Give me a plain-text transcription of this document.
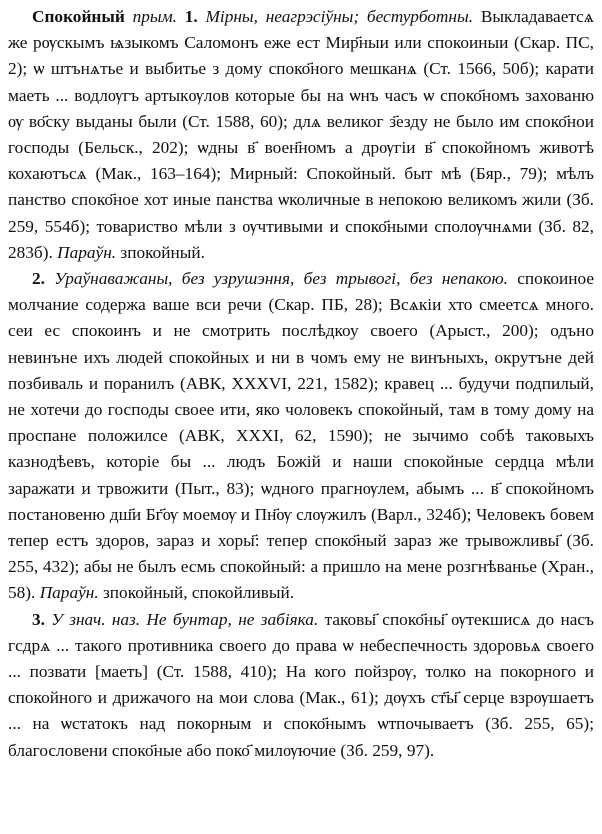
Спокойный прым. 1. Мірны, неагрэсіўны; бестурботны. Выкладаваетсѧ же рѹскымъ ѩзыкомъ Саломонъ еже ест Мир҃ныи или спокоиныи (Скар. ПС, 2); ѡ штънѧтье и выбитье з дому споко҃ного мешканѧ (Ст. 1566, 50б); карати маеть ... водлѹгъ артыкѹлов которые бы на ѡнъ часъ ѡ споко҃номъ захованю ѹ во҃ску выданы были (Ст. 1588, 60); длѧ великог з҃езду не было им споко҃нои господы (Бельск., 202); ѡдны в҃ воен҃номъ а дрѹгіи в҃ спокойномъ животѣ кохаютъсѧ (Мак., 163–164); Мирный: Спокойный. быт мѣ (Бяр., 79); мѣлъ панство споко҃ное хот иные панства ѡколичные в непокою великомъ жили (Зб. 259, 554б); товариство мѣли з ѹчтивыми и споко҃ными сполѹчнѧми (Зб. 82, 283б). Параўн. зпокойный.

2. Ураўнаважаны, без узрушэння, без трывогі, без непакою. спокоиное молчание содержа ваше вси речи (Скар. ПБ, 28); Всѧкіи хто смеетсѧ много. сеи ес спокоинъ и не смотрить послѣдкоу своего (Арыст., 200); одъно невинънe ихъ людей спокойных и ни в чомъ ему не винъныхъ, окрутъне дей позбиваль и поранилъ (АВК, XXXVI, 221, 1582); кравец ... будучи подпилый, не хотечи до господы своее ити, яко чоловекъ спокойный, там в тому дому на проспане положилсе (АВК, XXXI, 62, 1590); не зычимо собѣ таковыхъ казнодѣевъ, которіе бы ... людъ Божій и наши спокойные сердца мѣли заражати и трвожити (Пыт., 83); ѡдного прагнѹлем, абымъ ... в҃ спокойномъ постановеню дш҃и Бг҃ѹ моемѹ и Пн҃ѹ слѹжилъ (Варл., 324б); Человекъ бовем тепер естъ здоров, зараз и хоры҃: тепер споко҃ный зараз же трывожливы҃ (Зб. 255, 432); абы не былъ есмь спокойный: а пришло на мене розгнѣванье (Хран., 58). Параўн. зпокойный, спокойливый.

3. У знач. наз. Не бунтар, не забіяка. таковы҃ споко҃ны҃ ѹтекшисѧ до насъ гсдрѧ ... такого противника своего до права ѡ небеспечность здоровьѧ своего ... позвати [маеть] (Ст. 1588, 410); На кого пойзрѹ, толко на покорного и спокойного и дрижачого на мои слова (Мак., 61); дѹхъ ст҃ы҃ серце взрѹшаетъ ... на ѡстатокъ над покорным и споко҃нымъ ѡтпочываетъ (Зб. 255, 65); благословени споко҃ные або поко҃ милѹючие (Зб. 259, 97).
